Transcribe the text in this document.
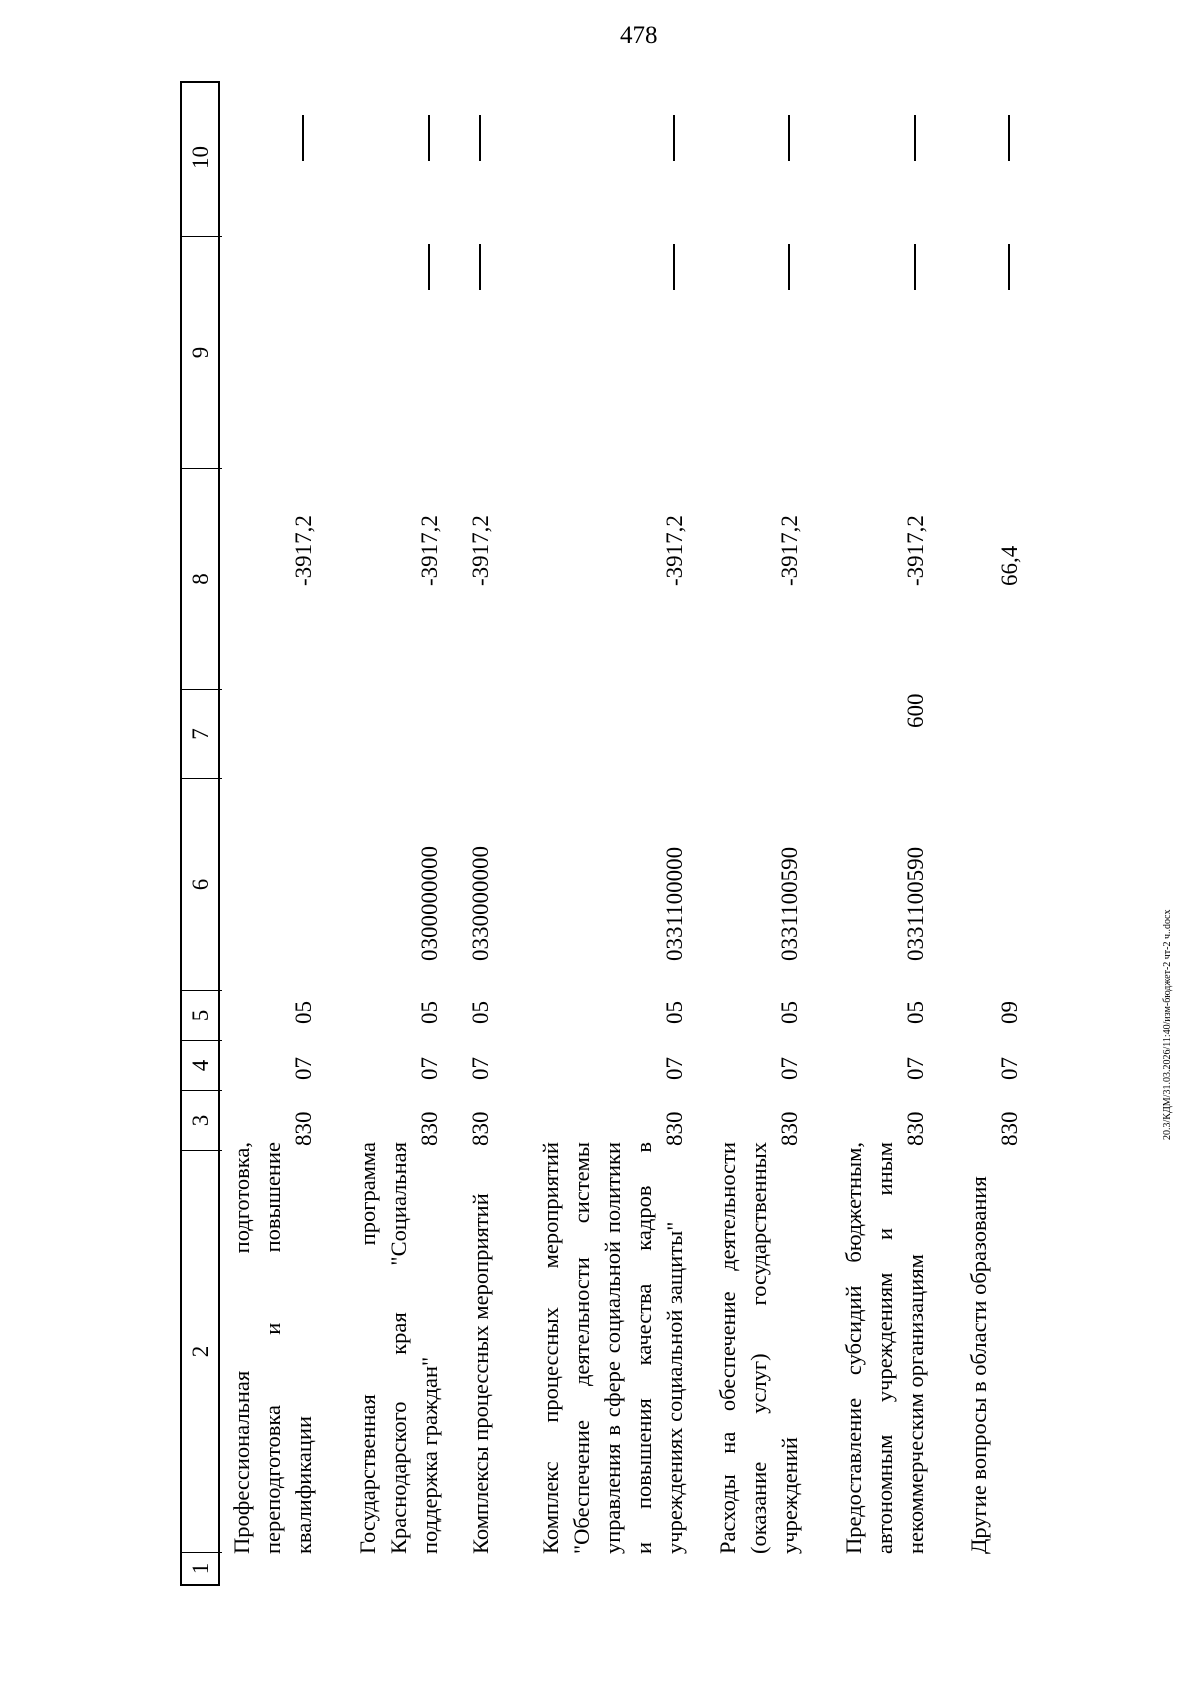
478
20.3/КДМ/31.03.2026/11:40/изм-бюджет-2 чт-2 ч..docx
1
2
3
4
5
6
7
8
9
10
Профессиональная подготовка, переподготовка и повышение квалификации
830
07
05
-3917,2
Государственная программа Краснодарского края "Социальная поддержка граждан"
830
07
05
0300000000
-3917,2
Комплексы процессных мероприятий
830
07
05
0330000000
-3917,2
Комплекс процессных мероприятий "Обеспечение деятельности системы управления в сфере социальной политики и повышения качества кадров в учреждениях социальной защиты"
830
07
05
0331100000
-3917,2
Расходы на обеспечение деятельности (оказание услуг) государственных учреждений
830
07
05
0331100590
-3917,2
Предоставление субсидий бюджетным, автономным учреждениям и иным некоммерческим организациям
830
07
05
0331100590
600
-3917,2
Другие вопросы в области образования
830
07
09
66,4
